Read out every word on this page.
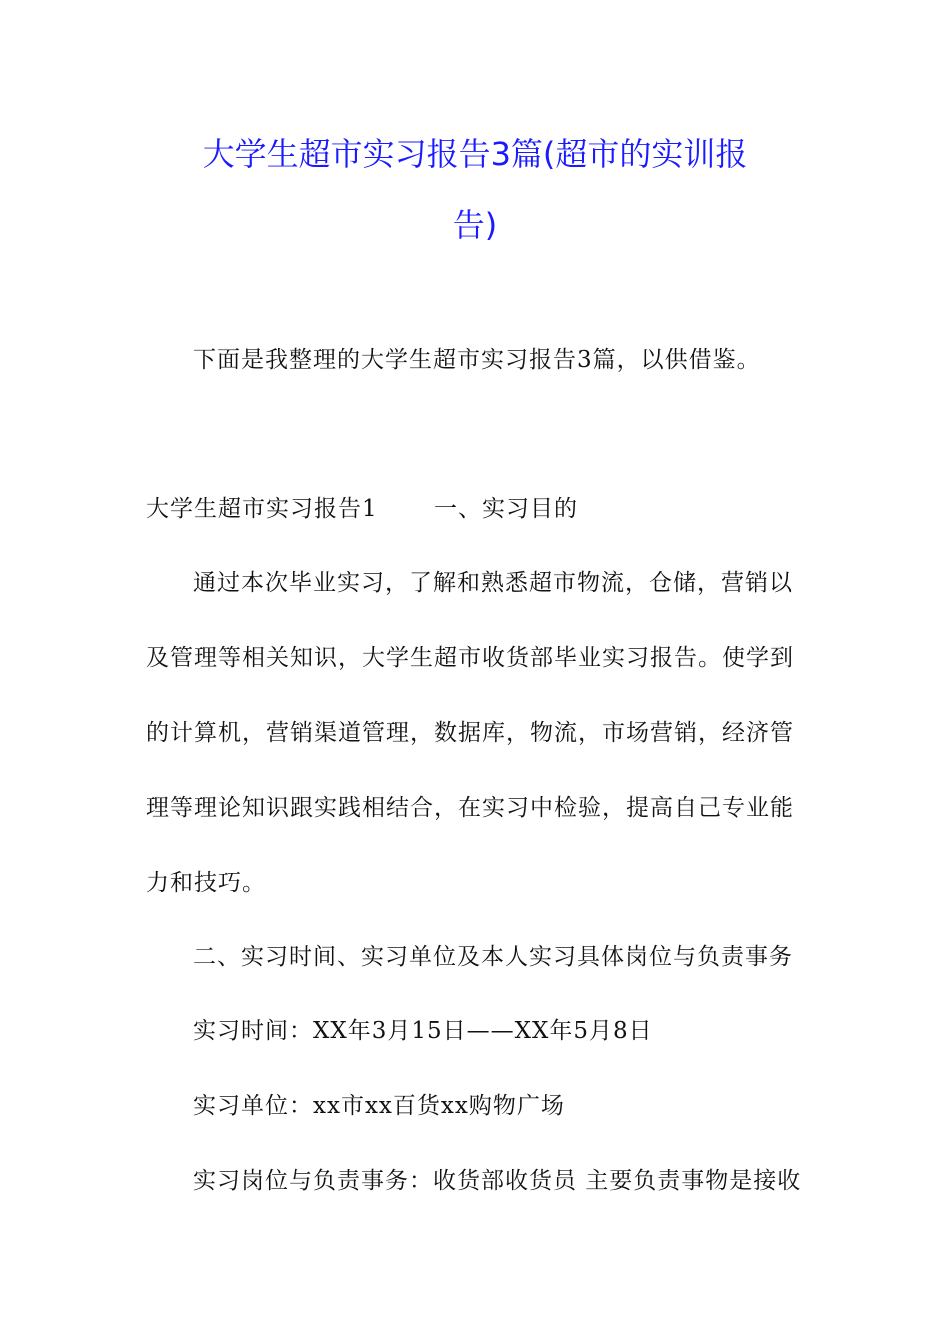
大学生超市实习报告3篇(超市的实训报
告)
下面是我整理的大学生超市实习报告3篇，以供借鉴。
大学生超市实习报告1　　 一、实习目的
通过本次毕业实习，了解和熟悉超市物流，仓储，营销以
及管理等相关知识，大学生超市收货部毕业实习报告。使学到
的计算机，营销渠道管理，数据库，物流，市场营销，经济管
理等理论知识跟实践相结合，在实习中检验，提高自己专业能
力和技巧。
二、实习时间、实习单位及本人实习具体岗位与负责事务
实习时间：XX年3月15日——XX年5月8日
实习单位：xx市xx百货xx购物广场
实习岗位与负责事务：收货部收货员 主要负责事物是接收
